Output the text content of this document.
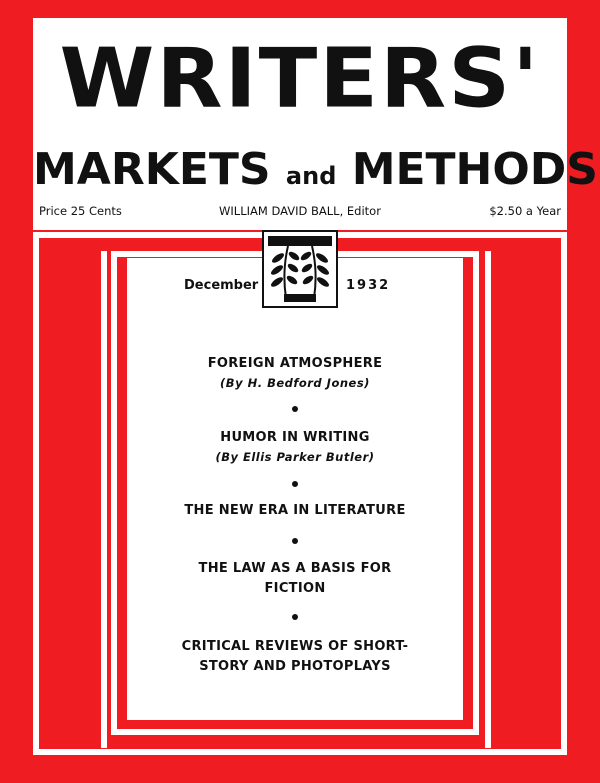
WRITERS'
MARKETS and METHODS
Price 25 Cents	WILLIAM DAVID BALL, Editor	$2.50 a Year
December	1932
FOREIGN ATMOSPHERE
(By H. Bedford Jones)
HUMOR IN WRITING
(By Ellis Parker Butler)
THE NEW ERA IN LITERATURE
THE LAW AS A BASIS FOR
FICTION
CRITICAL REVIEWS OF SHORT-
STORY AND PHOTOPLAYS
